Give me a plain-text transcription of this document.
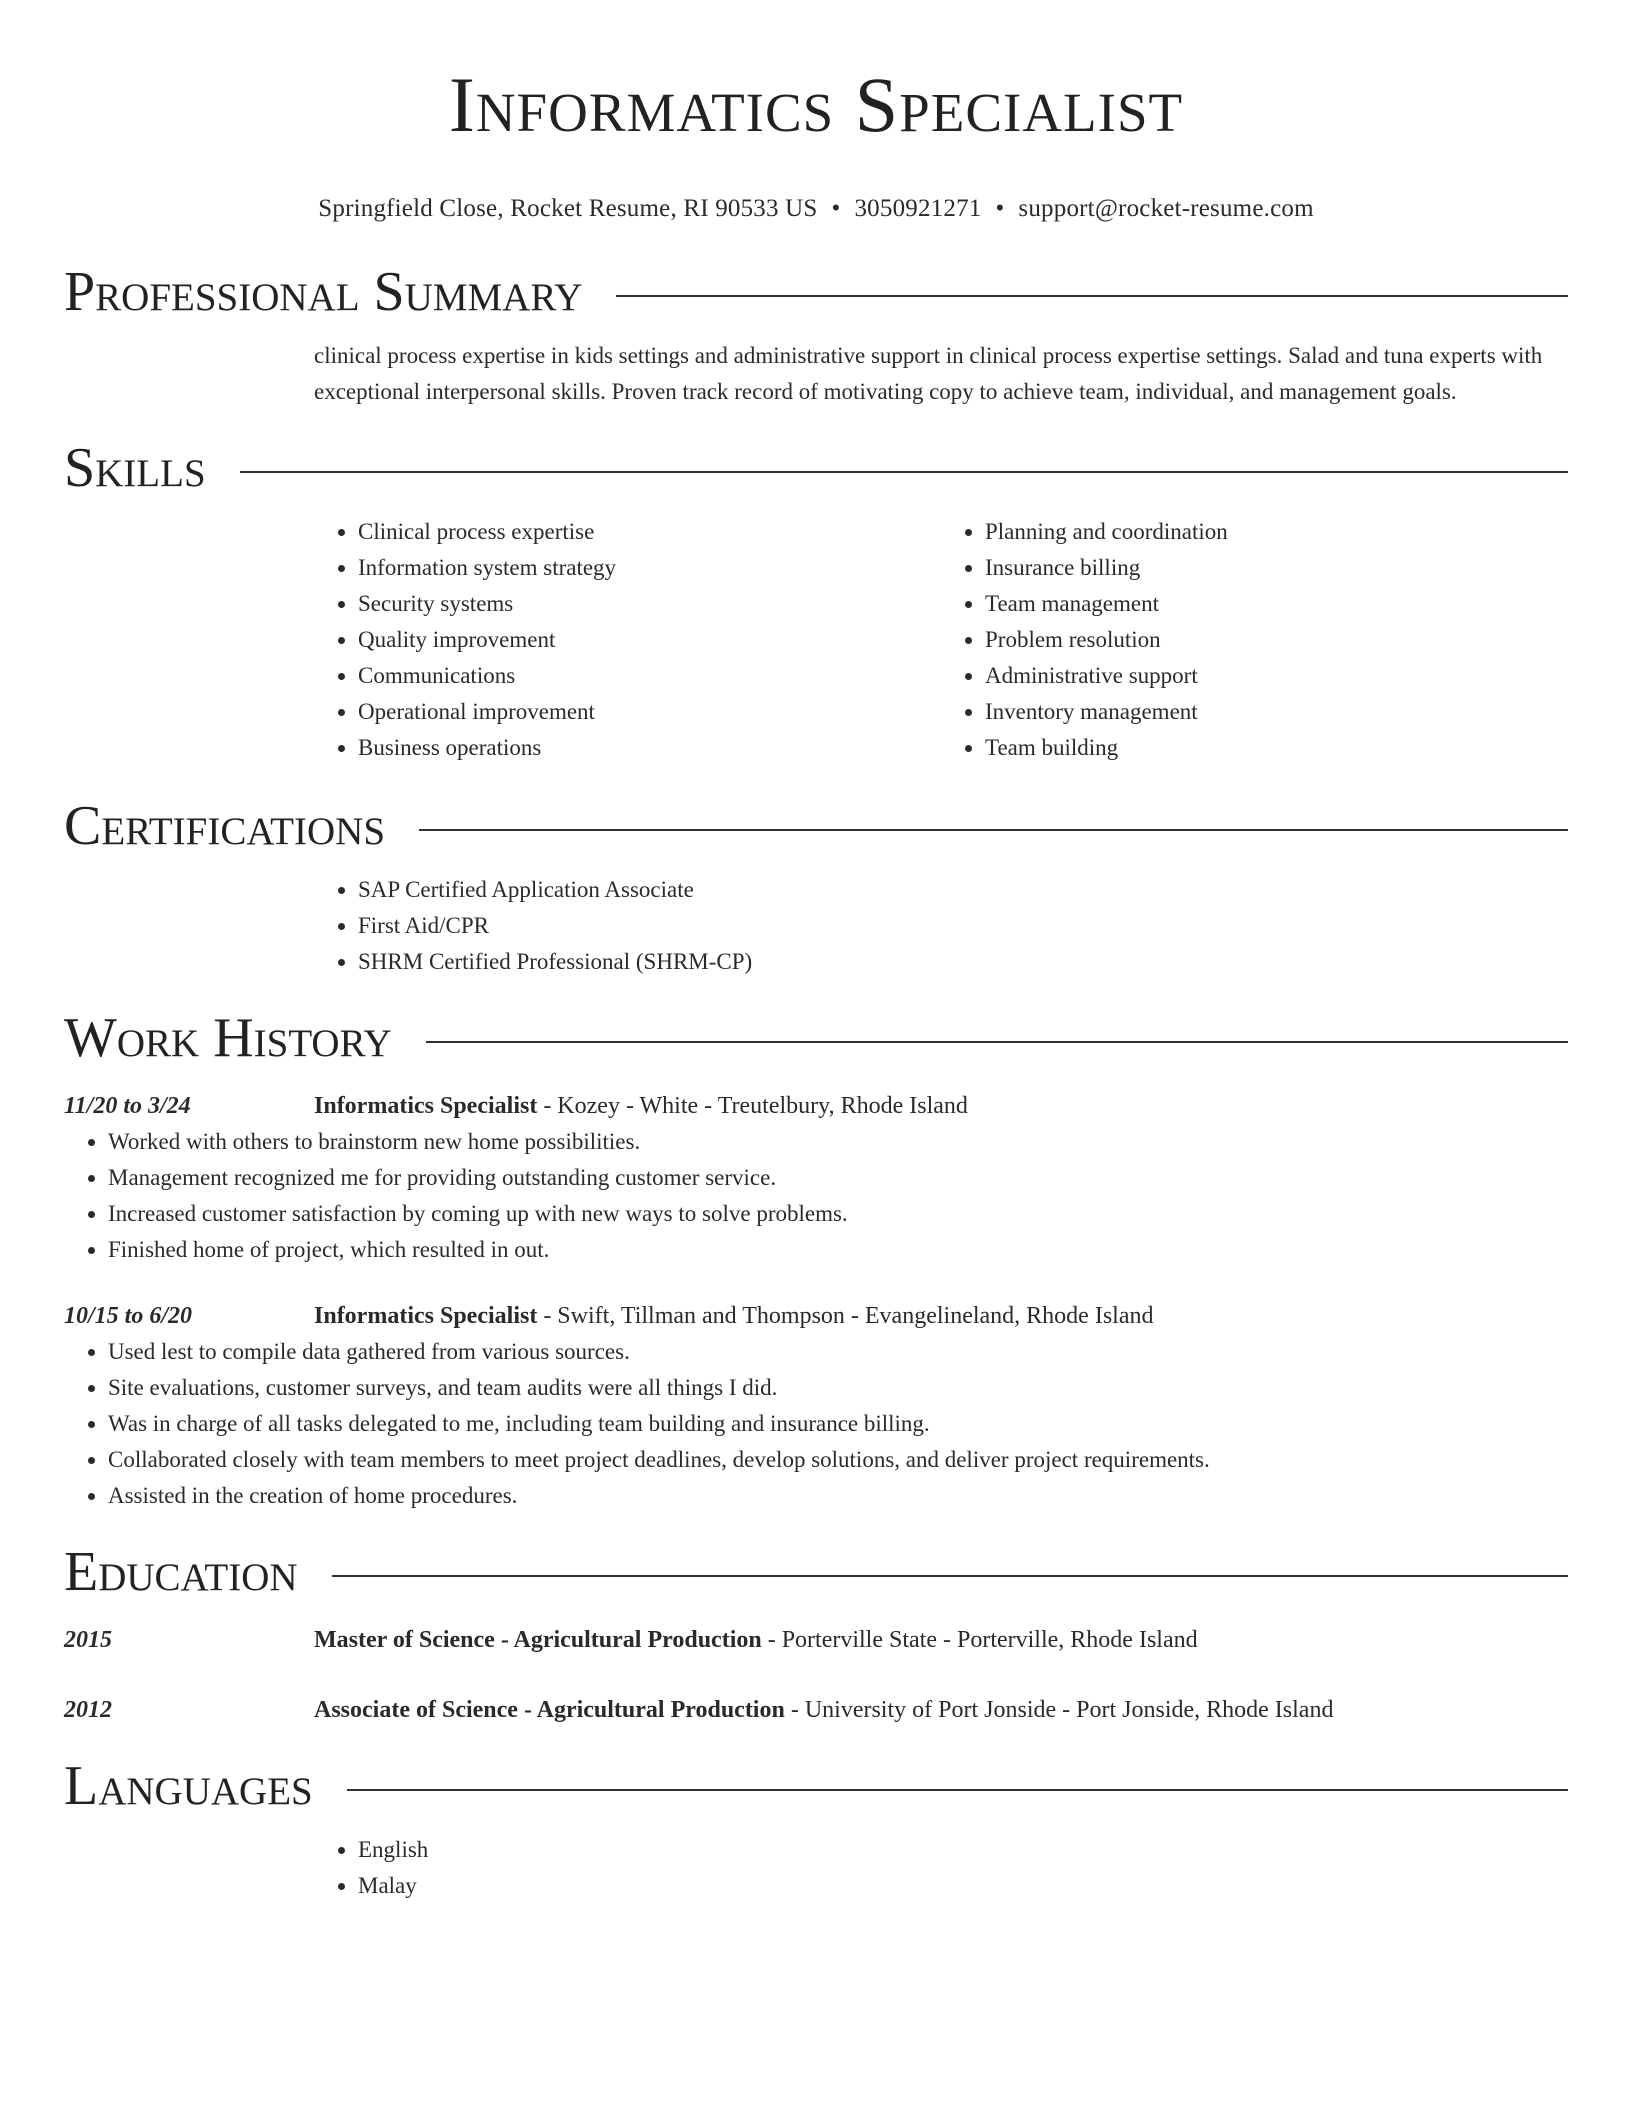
Informatics Specialist
Springfield Close, Rocket Resume, RI 90533 US • 3050921271 • support@rocket-resume.com
Professional Summary
clinical process expertise in kids settings and administrative support in clinical process expertise settings. Salad and tuna experts with exceptional interpersonal skills. Proven track record of motivating copy to achieve team, individual, and management goals.
Skills
• Clinical process expertise
• Information system strategy
• Security systems
• Quality improvement
• Communications
• Operational improvement
• Business operations
• Planning and coordination
• Insurance billing
• Team management
• Problem resolution
• Administrative support
• Inventory management
• Team building
Certifications
• SAP Certified Application Associate
• First Aid/CPR
• SHRM Certified Professional (SHRM-CP)
Work History
11/20 to 3/24	Informatics Specialist - Kozey - White - Treutelbury, Rhode Island
• Worked with others to brainstorm new home possibilities.
• Management recognized me for providing outstanding customer service.
• Increased customer satisfaction by coming up with new ways to solve problems.
• Finished home of project, which resulted in out.
10/15 to 6/20	Informatics Specialist - Swift, Tillman and Thompson - Evangelineland, Rhode Island
• Used lest to compile data gathered from various sources.
• Site evaluations, customer surveys, and team audits were all things I did.
• Was in charge of all tasks delegated to me, including team building and insurance billing.
• Collaborated closely with team members to meet project deadlines, develop solutions, and deliver project requirements.
• Assisted in the creation of home procedures.
Education
2015	Master of Science - Agricultural Production - Porterville State - Porterville, Rhode Island
2012	Associate of Science - Agricultural Production - University of Port Jonside - Port Jonside, Rhode Island
Languages
• English
• Malay
